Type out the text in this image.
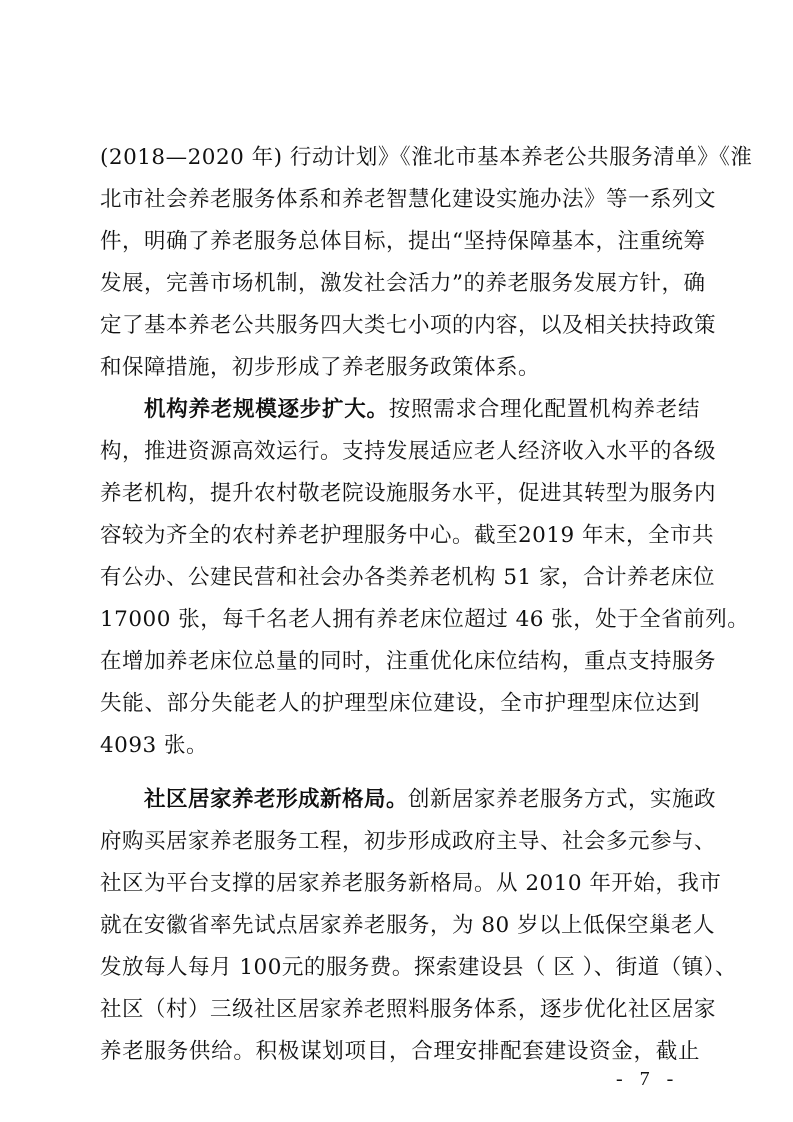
(2018—2020 年) 行动计划》《淮北市基本养老公共服务清单》《淮
北市社会养老服务体系和养老智慧化建设实施办法》等一系列文
件，明确了养老服务总体目标，提出“坚持保障基本，注重统筹
发展，完善市场机制，激发社会活力”的养老服务发展方针，确
定了基本养老公共服务四大类七小项的内容，以及相关扶持政策
和保障措施，初步形成了养老服务政策体系。
机构养老规模逐步扩大。按照需求合理化配置机构养老结
构，推进资源高效运行。支持发展适应老人经济收入水平的各级
养老机构，提升农村敬老院设施服务水平，促进其转型为服务内
容较为齐全的农村养老护理服务中心。截至2019 年末，全市共
有公办、公建民营和社会办各类养老机构 51 家，合计养老床位
17000 张，每千名老人拥有养老床位超过 46 张，处于全省前列。
在增加养老床位总量的同时，注重优化床位结构，重点支持服务
失能、部分失能老人的护理型床位建设，全市护理型床位达到
4093 张。
社区居家养老形成新格局。创新居家养老服务方式，实施政
府购买居家养老服务工程，初步形成政府主导、社会多元参与、
社区为平台支撑的居家养老服务新格局。从 2010 年开始，我市
就在安徽省率先试点居家养老服务，为 80 岁以上低保空巢老人
发放每人每月 100元的服务费。探索建设县（ 区 ）、街道（镇）、
社区（村）三级社区居家养老照料服务体系，逐步优化社区居家
养老服务供给。积极谋划项目，合理安排配套建设资金，截止
- 7 -
